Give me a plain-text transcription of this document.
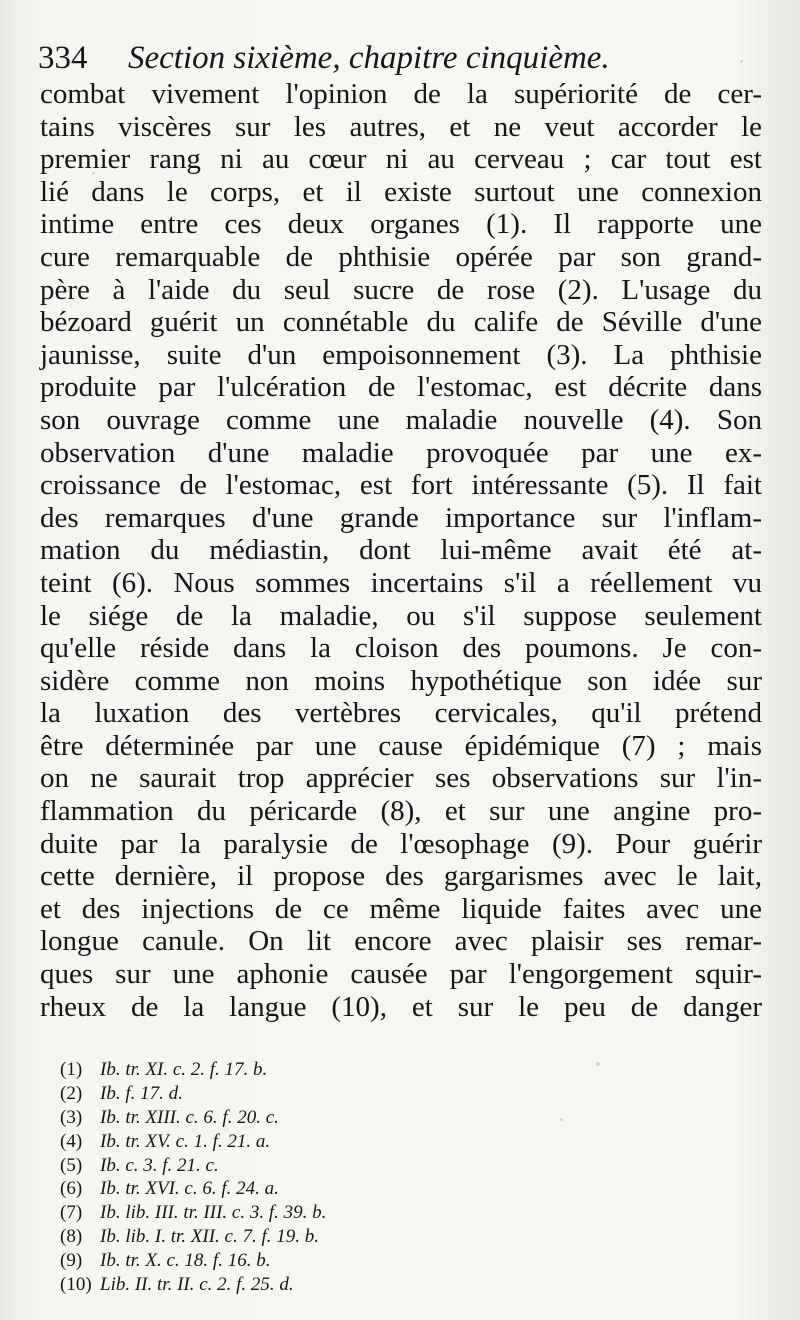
334 Section sixième, chapitre cinquième.
combat vivement l'opinion de la supériorité de cer-
tains viscères sur les autres, et ne veut accorder le
premier rang ni au cœur ni au cerveau ; car tout est
lié dans le corps, et il existe surtout une connexion
intime entre ces deux organes (1). Il rapporte une
cure remarquable de phthisie opérée par son grand-
père à l'aide du seul sucre de rose (2). L'usage du
bézoard guérit un connétable du calife de Séville d'une
jaunisse, suite d'un empoisonnement (3). La phthisie
produite par l'ulcération de l'estomac, est décrite dans
son ouvrage comme une maladie nouvelle (4). Son
observation d'une maladie provoquée par une ex-
croissance de l'estomac, est fort intéressante (5). Il fait
des remarques d'une grande importance sur l'inflam-
mation du médiastin, dont lui-même avait été at-
teint (6). Nous sommes incertains s'il a réellement vu
le siége de la maladie, ou s'il suppose seulement
qu'elle réside dans la cloison des poumons. Je con-
sidère comme non moins hypothétique son idée sur
la luxation des vertèbres cervicales, qu'il prétend
être déterminée par une cause épidémique (7) ; mais
on ne saurait trop apprécier ses observations sur l'in-
flammation du péricarde (8), et sur une angine pro-
duite par la paralysie de l'œsophage (9). Pour guérir
cette dernière, il propose des gargarismes avec le lait,
et des injections de ce même liquide faites avec une
longue canule. On lit encore avec plaisir ses remar-
ques sur une aphonie causée par l'engorgement squir-
rheux de la langue (10), et sur le peu de danger
(1) Ib. tr. XI. c. 2. f. 17. b.
(2) Ib. f. 17. d.
(3) Ib. tr. XIII. c. 6. f. 20. c.
(4) Ib. tr. XV. c. 1. f. 21. a.
(5) Ib. c. 3. f. 21. c.
(6) Ib. tr. XVI. c. 6. f. 24. a.
(7) Ib. lib. III. tr. III. c. 3. f. 39. b.
(8) Ib. lib. I. tr. XII. c. 7. f. 19. b.
(9) Ib. tr. X. c. 18. f. 16. b.
(10) Lib. II. tr. II. c. 2. f. 25. d.
